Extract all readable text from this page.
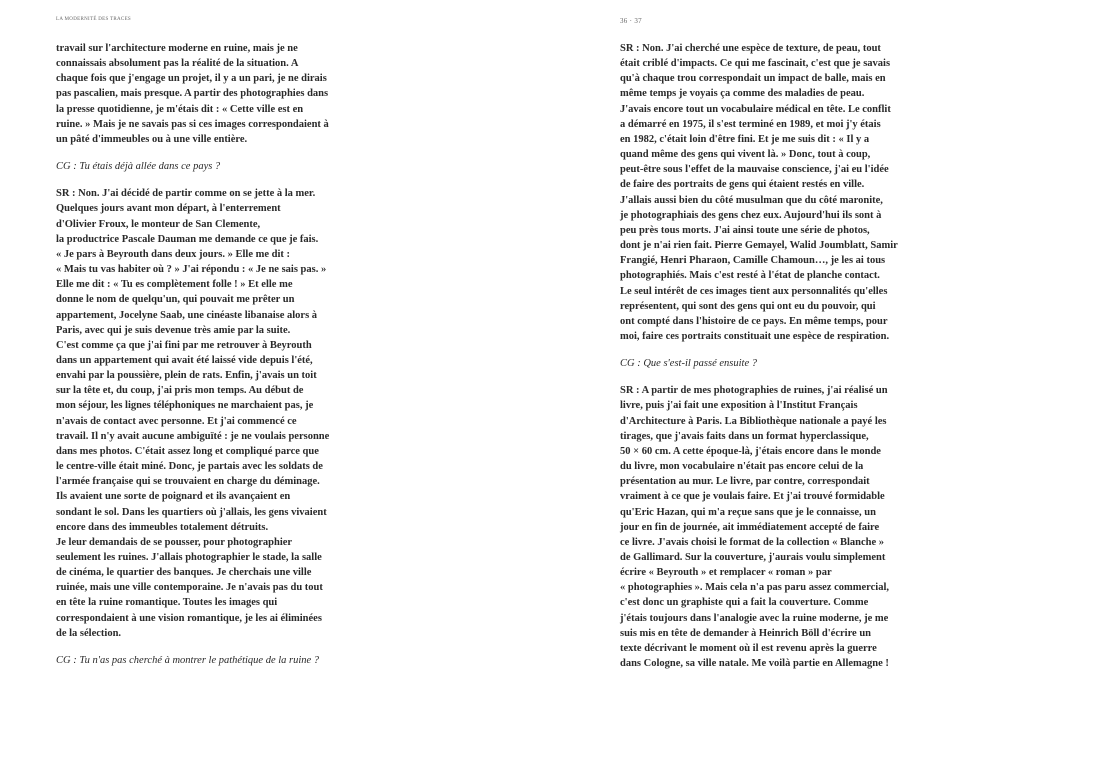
LA MODERNITÉ DES TRACES

travail sur l'architecture moderne en ruine, mais je ne
connaissais absolument pas la réalité de la situation. A
chaque fois que j'engage un projet, il y a un pari, je ne dirais
pas pascalien, mais presque. A partir des photographies dans
la presse quotidienne, je m'étais dit : « Cette ville est en
ruine. » Mais je ne savais pas si ces images correspondaient à
un pâté d'immeubles ou à une ville entière.

CG : Tu étais déjà allée dans ce pays ?

SR : Non. J'ai décidé de partir comme on se jette à la mer.
Quelques jours avant mon départ, à l'enterrement
d'Olivier Froux, le monteur de San Clemente,
la productrice Pascale Dauman me demande ce que je fais.
« Je pars à Beyrouth dans deux jours. » Elle me dit :
« Mais tu vas habiter où ? » J'ai répondu : « Je ne sais pas. »
Elle me dit : « Tu es complètement folle ! » Et elle me
donne le nom de quelqu'un, qui pouvait me prêter un
appartement, Jocelyne Saab, une cinéaste libanaise alors à
Paris, avec qui je suis devenue très amie par la suite.
C'est comme ça que j'ai fini par me retrouver à Beyrouth
dans un appartement qui avait été laissé vide depuis l'été,
envahi par la poussière, plein de rats. Enfin, j'avais un toit
sur la tête et, du coup, j'ai pris mon temps. Au début de
mon séjour, les lignes téléphoniques ne marchaient pas, je
n'avais de contact avec personne. Et j'ai commencé ce
travail. Il n'y avait aucune ambiguïté : je ne voulais personne
dans mes photos. C'était assez long et compliqué parce que
le centre-ville était miné. Donc, je partais avec les soldats de
l'armée française qui se trouvaient en charge du déminage.
Ils avaient une sorte de poignard et ils avançaient en
sondant le sol. Dans les quartiers où j'allais, les gens vivaient
encore dans des immeubles totalement détruits.
Je leur demandais de se pousser, pour photographier
seulement les ruines. J'allais photographier le stade, la salle
de cinéma, le quartier des banques. Je cherchais une ville
ruinée, mais une ville contemporaine. Je n'avais pas du tout
en tête la ruine romantique. Toutes les images qui
correspondaient à une vision romantique, je les ai éliminées
de la sélection.

CG : Tu n'as pas cherché à montrer le pathétique de la ruine ?

36 · 37

SR : Non. J'ai cherché une espèce de texture, de peau, tout
était criblé d'impacts. Ce qui me fascinait, c'est que je savais
qu'à chaque trou correspondait un impact de balle, mais en
même temps je voyais ça comme des maladies de peau.
J'avais encore tout un vocabulaire médical en tête. Le conflit
a démarré en 1975, il s'est terminé en 1989, et moi j'y étais
en 1982, c'était loin d'être fini. Et je me suis dit : « Il y a
quand même des gens qui vivent là. » Donc, tout à coup,
peut-être sous l'effet de la mauvaise conscience, j'ai eu l'idée
de faire des portraits de gens qui étaient restés en ville.
J'allais aussi bien du côté musulman que du côté maronite,
je photographiais des gens chez eux. Aujourd'hui ils sont à
peu près tous morts. J'ai ainsi toute une série de photos,
dont je n'ai rien fait. Pierre Gemayel, Walid Joumblatt, Samir
Frangié, Henri Pharaon, Camille Chamoun…, je les ai tous
photographiés. Mais c'est resté à l'état de planche contact.
Le seul intérêt de ces images tient aux personnalités qu'elles
représentent, qui sont des gens qui ont eu du pouvoir, qui
ont compté dans l'histoire de ce pays. En même temps, pour
moi, faire ces portraits constituait une espèce de respiration.

CG : Que s'est-il passé ensuite ?

SR : A partir de mes photographies de ruines, j'ai réalisé un
livre, puis j'ai fait une exposition à l'Institut Français
d'Architecture à Paris. La Bibliothèque nationale a payé les
tirages, que j'avais faits dans un format hyperclassique,
50 × 60 cm. A cette époque-là, j'étais encore dans le monde
du livre, mon vocabulaire n'était pas encore celui de la
présentation au mur. Le livre, par contre, correspondait
vraiment à ce que je voulais faire. Et j'ai trouvé formidable
qu'Eric Hazan, qui m'a reçue sans que je le connaisse, un
jour en fin de journée, ait immédiatement accepté de faire
ce livre. J'avais choisi le format de la collection « Blanche »
de Gallimard. Sur la couverture, j'aurais voulu simplement
écrire « Beyrouth » et remplacer « roman » par
« photographies ». Mais cela n'a pas paru assez commercial,
c'est donc un graphiste qui a fait la couverture. Comme
j'étais toujours dans l'analogie avec la ruine moderne, je me
suis mis en tête de demander à Heinrich Böll d'écrire un
texte décrivant le moment où il est revenu après la guerre
dans Cologne, sa ville natale. Me voilà partie en Allemagne !
